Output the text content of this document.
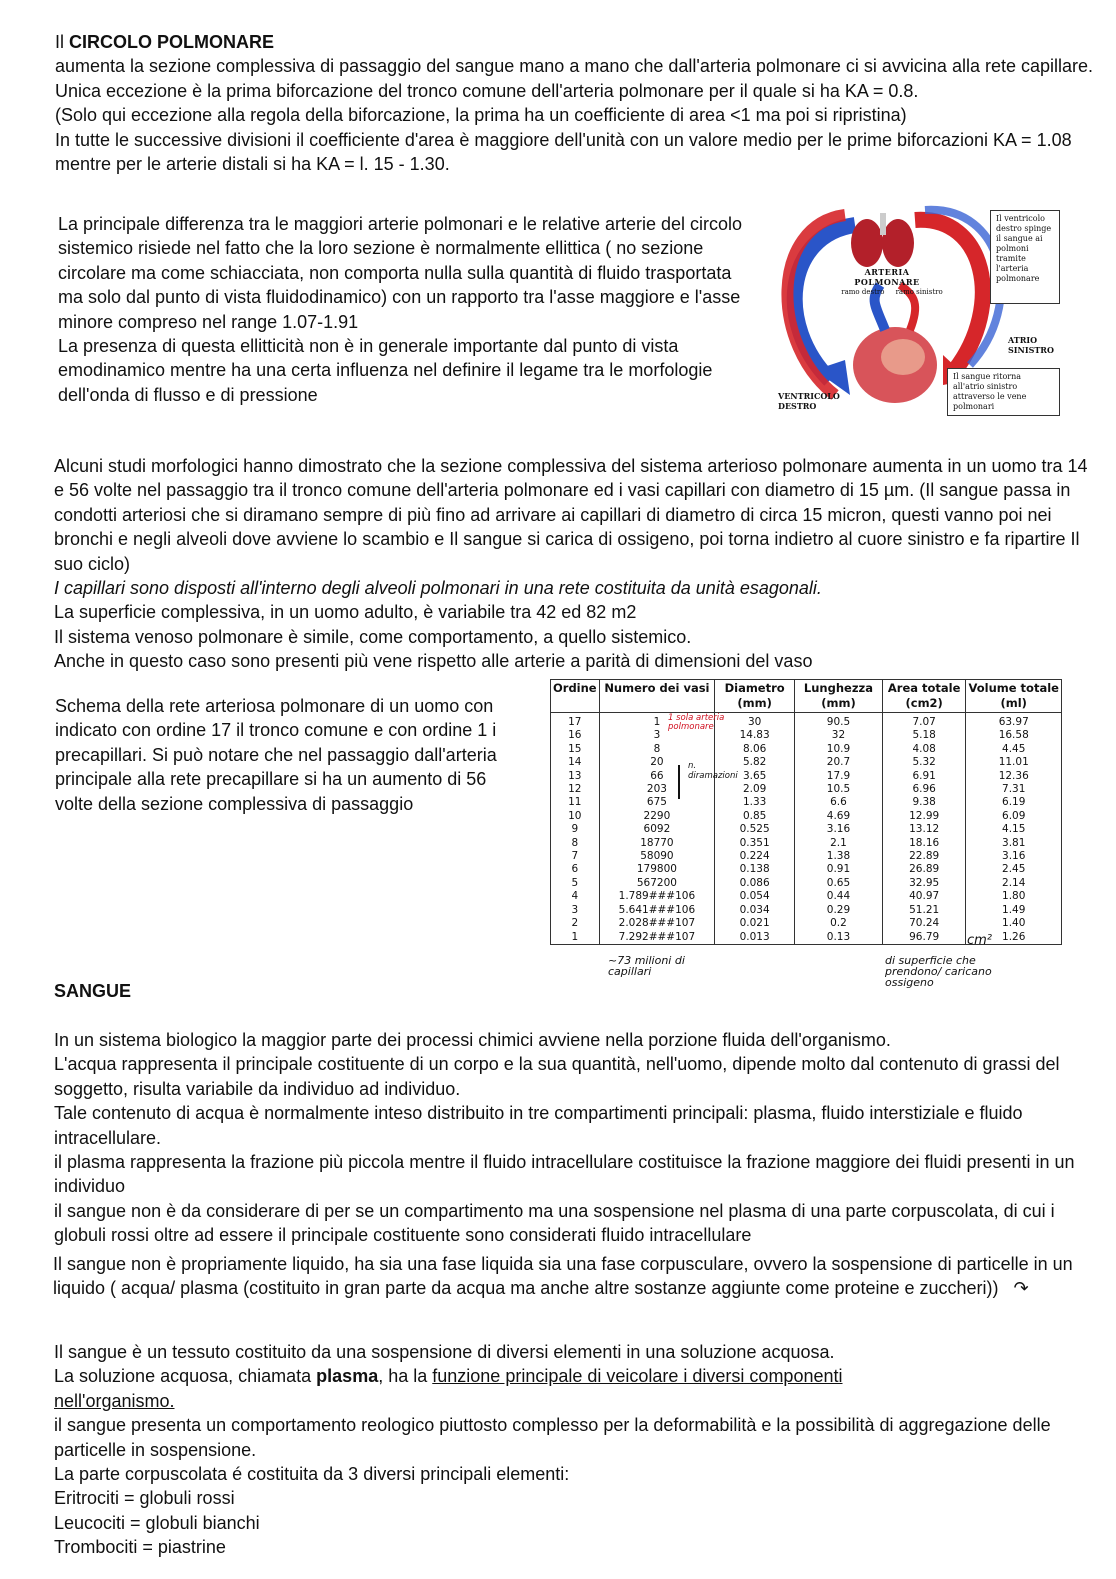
Il CIRCOLO POLMONARE

aumenta la sezione complessiva di passaggio del sangue mano a mano che dall'arteria polmonare ci si avvicina alla rete capillare.

Unica eccezione è la prima biforcazione del tronco comune dell'arteria polmonare per il quale si ha KA = 0.8.

(Solo qui eccezione alla regola della biforcazione, la prima ha un coefficiente di area <1 ma poi si ripristina)

In tutte le successive divisioni il coefficiente d'area è maggiore dell'unità con un valore medio per le prime biforcazioni KA = 1.08 mentre per le arterie distali si ha KA = l. 15 - 1.30.

La principale differenza tra le maggiori arterie polmonari e le relative arterie del circolo sistemico risiede nel fatto che la loro sezione è normalmente ellittica ( no sezione circolare ma come schiacciata, non comporta nulla sulla quantità di fluido trasportata ma solo dal punto di vista fluidodinamico) con un rapporto tra l'asse maggiore e l'asse minore compreso nel range 1.07-1.91

La presenza di questa ellitticità non è in generale importante dal punto di vista emodinamico mentre ha una certa influenza nel definire il legame tra le morfologie dell'onda di flusso e di pressione

ARTERIA POLMONARE
ramo destro     ramo sinistro
VENTRICOLO DESTRO
ATRIO SINISTRO
Il ventricolo destro spinge il sangue ai polmoni tramite l'arteria polmonare
Il sangue ritorna all'atrio sinistro attraverso le vene polmonari

Alcuni studi morfologici hanno dimostrato che la sezione complessiva del sistema arterioso polmonare aumenta in un uomo tra 14 e 56 volte nel passaggio tra il tronco comune dell'arteria polmonare ed i vasi capillari con diametro di 15 µm. (Il sangue passa in condotti arteriosi che si diramano sempre di più fino ad arrivare ai capillari di diametro di circa 15 micron, questi vanno poi nei bronchi e negli alveoli dove avviene lo scambio e Il sangue si carica di ossigeno, poi torna indietro al cuore sinistro e fa ripartire Il suo ciclo)

I capillari sono disposti all'interno degli alveoli polmonari in una rete costituita da unità esagonali.

La superficie complessiva, in un uomo adulto, è variabile tra 42 ed 82 m2

Il sistema venoso polmonare è simile, come comportamento, a quello sistemico.

Anche in questo caso sono presenti più vene rispetto alle arterie a parità di dimensioni del vaso

Schema della rete arteriosa polmonare di un uomo con indicato con ordine 17 il tronco comune e con ordine 1 i precapillari. Si può notare che nel passaggio dall'arteria principale alla rete precapillare si ha un aumento di 56 volte della sezione complessiva di passaggio

Ordine	Numero dei vasi	Diametro (mm)	Lunghezza (mm)	Area totale (cm2)	Volume totale (ml)
17	1	30	90.5	7.07	63.97
16	3	14.83	32	5.18	16.58
15	8	8.06	10.9	4.08	4.45
14	20	5.82	20.7	5.32	11.01
13	66	3.65	17.9	6.91	12.36
12	203	2.09	10.5	6.96	7.31
11	675	1.33	6.6	9.38	6.19
10	2290	0.85	4.69	12.99	6.09
9	6092	0.525	3.16	13.12	4.15
8	18770	0.351	2.1	18.16	3.81
7	58090	0.224	1.38	22.89	3.16
6	179800	0.138	0.91	26.89	2.45
5	567200	0.086	0.65	32.95	2.14
4	1.789###106	0.054	0.44	40.97	1.80
3	5.641###106	0.034	0.29	51.21	1.49
2	2.028###107	0.021	0.2	70.24	1.40
1	7.292###107	0.013	0.13	96.79	1.26
1 sola arteria polmonare
n. diramazioni
cm²
~73 milioni di capillari
di superficie che prendono/ caricano ossigeno
SANGUE

In un sistema biologico la maggior parte dei processi chimici avviene nella porzione fluida dell'organismo.

L'acqua rappresenta il principale costituente di un corpo e la sua quantità, nell'uomo, dipende molto dal contenuto di grassi del soggetto, risulta variabile da individuo ad individuo.

Tale contenuto di acqua è normalmente inteso distribuito in tre compartimenti principali: plasma, fluido interstiziale e fluido intracellulare.

il plasma rappresenta la frazione più piccola mentre il fluido intracellulare costituisce la frazione maggiore dei fluidi presenti in un individuo

il sangue non è da considerare di per se un compartimento ma una sospensione nel plasma di una parte corpuscolata, di cui i globuli rossi oltre ad essere il principale costituente sono considerati fluido intracellulare

Il sangue non è propriamente liquido, ha sia una fase liquida sia una fase corpusculare, ovvero la sospensione di particelle in un liquido ( acqua/ plasma (costituito in gran parte da acqua ma anche altre sostanze aggiunte come proteine e zuccheri)) ↷

Il sangue è un tessuto costituito da una sospensione di diversi elementi in una soluzione acquosa.

La soluzione acquosa, chiamata plasma, ha la funzione principale di veicolare i diversi componenti nell'organismo.

il sangue presenta un comportamento reologico piuttosto complesso per la deformabilità e la possibilità di aggregazione delle particelle in sospensione.

La parte corpuscolata é costituita da 3 diversi principali elementi:

Eritrociti = globuli rossi

Leucociti = globuli bianchi

Trombociti = piastrine
